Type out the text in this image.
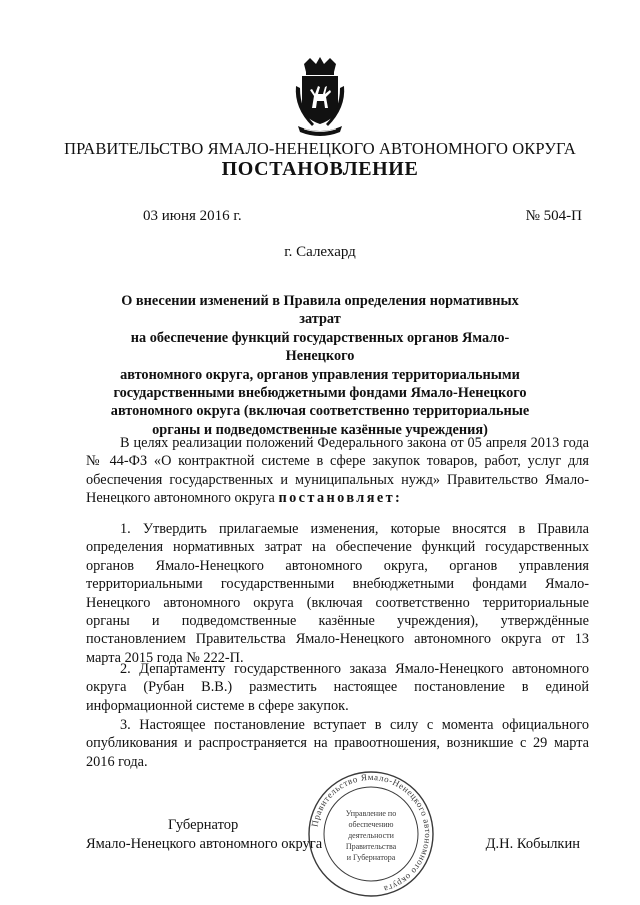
ПРАВИТЕЛЬСТВО ЯМАЛО-НЕНЕЦКОГО АВТОНОМНОГО ОКРУГА
ПОСТАНОВЛЕНИЕ
03 июня 2016 г.	№ 504-П
г. Салехард
О внесении изменений в Правила определения нормативных затрат
на обеспечение функций государственных органов Ямало-Ненецкого
автономного округа, органов управления территориальными
государственными внебюджетными фондами Ямало-Ненецкого
автономного округа (включая соответственно территориальные
органы и подведомственные казённые учреждения)
В целях реализации положений Федерального закона от 05 апреля 2013 года № 44-ФЗ «О контрактной системе в сфере закупок товаров, работ, услуг для обеспечения государственных и муниципальных нужд» Правительство Ямало-Ненецкого автономного округа постановляет:
1. Утвердить прилагаемые изменения, которые вносятся в Правила определения нормативных затрат на обеспечение функций государственных органов Ямало-Ненецкого автономного округа, органов управления территориальными государственными внебюджетными фондами Ямало-Ненецкого автономного округа (включая соответственно территориальные органы и подведомственные казённые учреждения), утверждённые постановлением Правительства Ямало-Ненецкого автономного округа от 13 марта 2015 года № 222-П.
2. Департаменту государственного заказа Ямало-Ненецкого автономного округа (Рубан В.В.) разместить настоящее постановление в единой информационной системе в сфере закупок.
3. Настоящее постановление вступает в силу с момента официального опубликования и распространяется на правоотношения, возникшие с 29 марта 2016 года.
Губернатор
Ямало-Ненецкого автономного округа	Д.Н. Кобылкин
Правительство Ямало-Ненецкого автономного округа
Управление по
обеспечению
деятельности
Правительства
и Губернатора
